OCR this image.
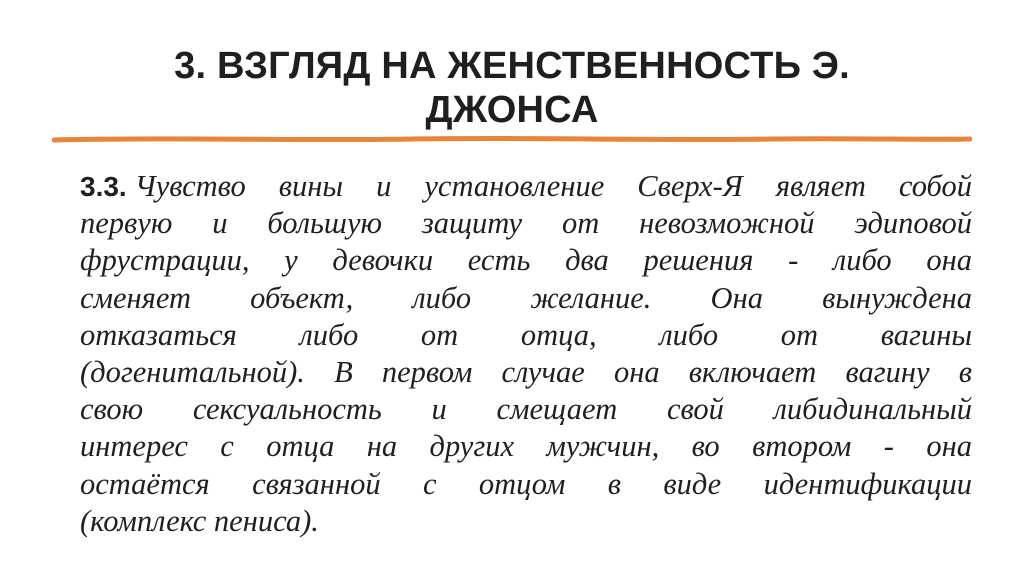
3. ВЗГЛЯД НА ЖЕНСТВЕННОСТЬ Э.
ДЖОНСА
3.3. Чувство вины и установление Сверх-Я являет собой
первую и большую защиту от невозможной эдиповой
фрустрации, у девочки есть два решения - либо она
сменяет объект, либо желание. Она вынуждена
отказаться либо от отца, либо от вагины
(догенитальной). В первом случае она включает вагину в
свою сексуальность и смещает свой либидинальный
интерес с отца на других мужчин, во втором - она
остаётся связанной с отцом в виде идентификации
(комплекс пениса).
